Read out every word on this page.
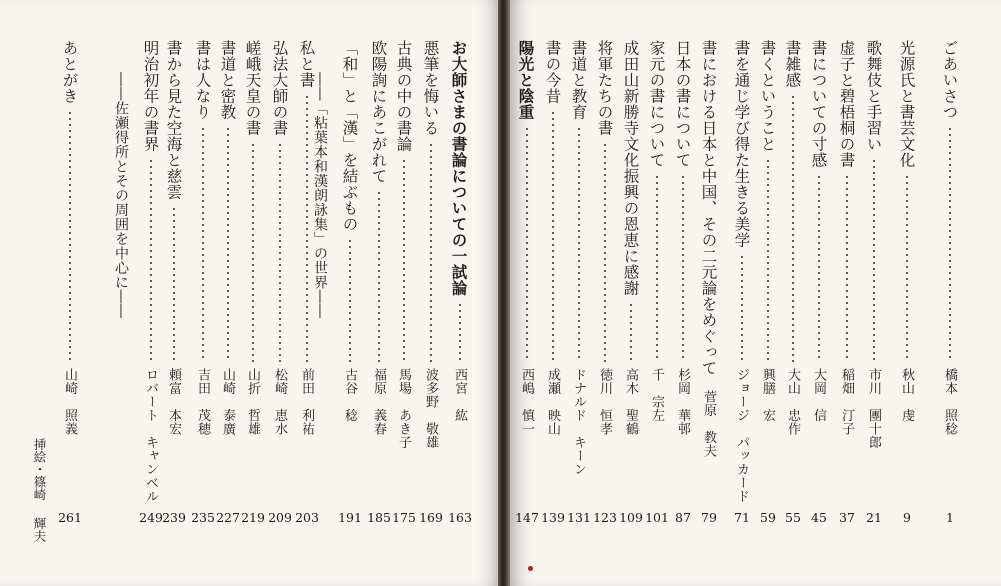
ごあいさつ
橋本　照稔
1
光源氏と書芸文化
秋山　虔
9
歌舞伎と手習い
市川　團十郎
21
虚子と碧梧桐の書
稲畑　汀子
37
書についての寸感
大岡　信
45
書雑感
大山　忠作
55
書くということ
興膳　宏
59
書を通じ学び得た生きる美学
ジョージ　パッカード
71
書における日本と中国、その二元論をめぐって
菅原　教夫
79
日本の書について
杉岡　華邨
87
家元の書について
千　宗左
101
成田山新勝寺文化振興の恩恵に感謝
高木　聖鶴
109
将軍たちの書
徳川　恒孝
123
書道と教育
ドナルド　キーン
131
書の今昔
成瀬　映山
139
陽光と陰重
西嶋　慎一
147
お大師さまの書論についての一試論
西宮　紘
163
悪筆を悔いる
波多野　敬雄
169
古典の中の書論
馬場　あき子
175
欧陽詢にあこがれて
福原　義春
185
「和」と「漢」を結ぶもの
古谷　稔
191
――「粘葉本和漢朗詠集」の世界――
私と書
前田　利祐
203
弘法大師の書
松崎　恵水
209
嵯峨天皇の書
山折　哲雄
219
書道と密教
山崎　泰廣
227
書は人なり
吉田　茂穂
235
書から見た空海と慈雲
頼富　本宏
239
明治初年の書界
ロバート　キャンベル
249
――佐瀬得所とその周囲を中心に――
あとがき
山崎　照義
261
挿絵・篠崎
輝夫
